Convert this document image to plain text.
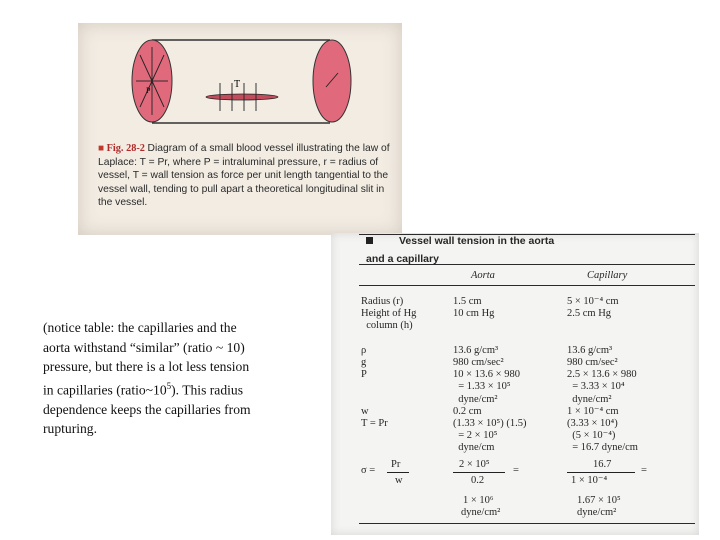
T
P
■ Fig. 28-2 Diagram of a small blood vessel illustrating the law of Laplace: T = Pr, where P = intraluminal pressure, r = radius of vessel, T = wall tension as force per unit length tangential to the vessel wall, tending to pull apart a theoretical longitudinal slit in the vessel.
Vessel wall tension in the aorta
and a capillary
Aorta	Capillary
Radius (r)
Height of Hg
column (h)

ρ
g
P

w
T = Pr

1.5 cm
10 cm Hg

13.6 g/cm³
980 cm/sec²
10 × 13.6 × 980
= 1.33 × 10⁵
dyne/cm²
0.2 cm
(1.33 × 10⁵) (1.5)
= 2 × 10⁵
dyne/cm
5 × 10⁻⁴ cm
2.5 cm Hg

13.6 g/cm³
980 cm/sec²
2.5 × 13.6 × 980
= 3.33 × 10⁴
dyne/cm²
1 × 10⁻⁴ cm
(3.33 × 10⁴)
(5 × 10⁻⁴)
= 16.7 dyne/cm
σ =
Pr
w
2 × 10⁵
0.2
=
1 × 10⁶
dyne/cm²
16.7
1 × 10⁻⁴
=
1.67 × 10⁵
dyne/cm²
(notice table: the capillaries and the
aorta withstand “similar” (ratio ~ 10)
pressure, but there is a lot less tension
in capillaries $(ratio\sim 10^5)$. This radius
dependence keeps the capillaries from
rupturing.
